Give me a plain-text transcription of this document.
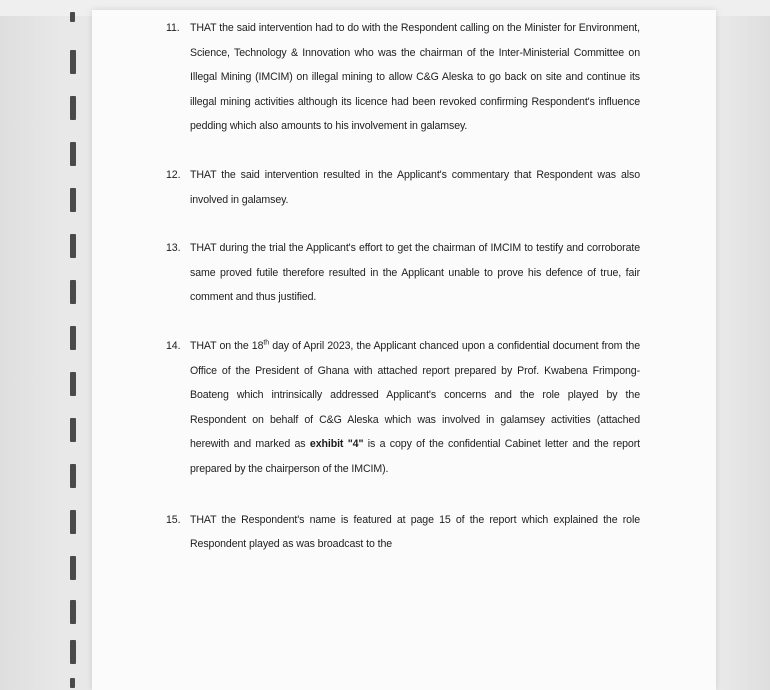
11. THAT the said intervention had to do with the Respondent calling on the Minister for Environment, Science, Technology & Innovation who was the chairman of the Inter-Ministerial Committee on Illegal Mining (IMCIM) on illegal mining to allow C&G Aleska to go back on site and continue its illegal mining activities although its licence had been revoked confirming Respondent's influence pedding which also amounts to his involvement in galamsey.
12. THAT the said intervention resulted in the Applicant's commentary that Respondent was also involved in galamsey.
13. THAT during the trial the Applicant's effort to get the chairman of IMCIM to testify and corroborate same proved futile therefore resulted in the Applicant unable to prove his defence of true, fair comment and thus justified.
14. THAT on the 18th day of April 2023, the Applicant chanced upon a confidential document from the Office of the President of Ghana with attached report prepared by Prof. Kwabena Frimpong-Boateng which intrinsically addressed Applicant's concerns and the role played by the Respondent on behalf of C&G Aleska which was involved in galamsey activities (attached herewith and marked as exhibit "4" is a copy of the confidential Cabinet letter and the report prepared by the chairperson of the IMCIM).
15. THAT the Respondent's name is featured at page 15 of the report which explained the role Respondent played as was broadcast to the
